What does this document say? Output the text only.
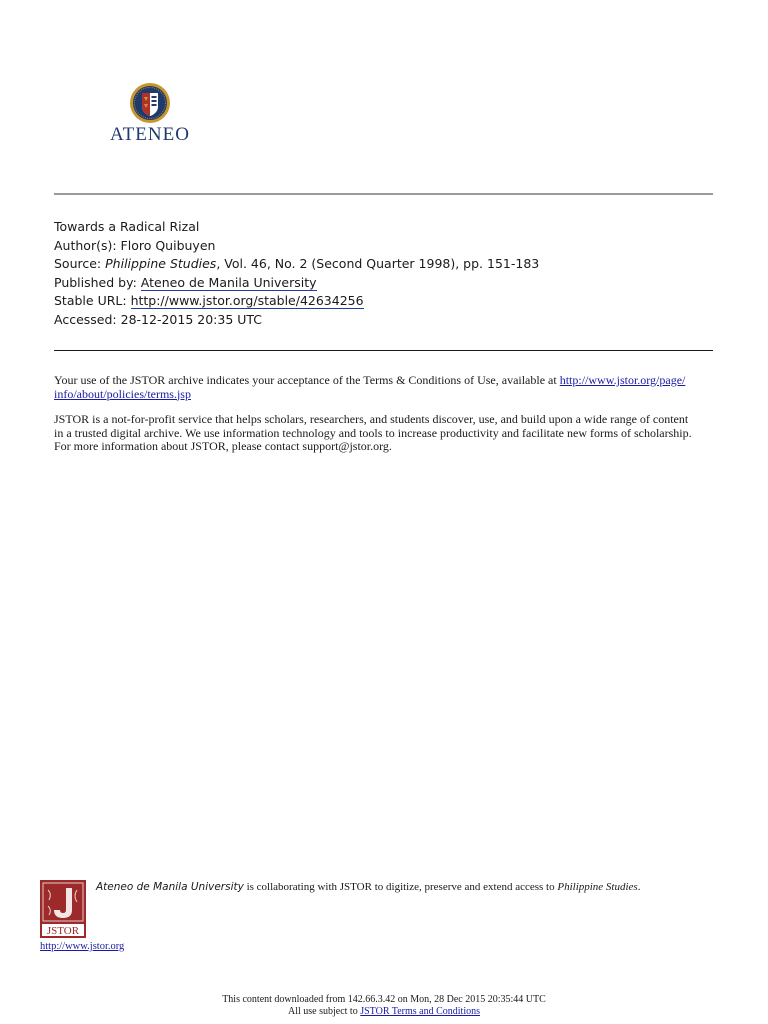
ATENEO
Towards a Radical Rizal
Author(s): Floro Quibuyen
Source: Philippine Studies, Vol. 46, No. 2 (Second Quarter 1998), pp. 151-183
Published by: Ateneo de Manila University
Stable URL: http://www.jstor.org/stable/42634256
Accessed: 28-12-2015 20:35 UTC

Your use of the JSTOR archive indicates your acceptance of the Terms & Conditions of Use, available at http://www.jstor.org/page/
info/about/policies/terms.jsp

JSTOR is a not-for-profit service that helps scholars, researchers, and students discover, use, and build upon a wide range of content
in a trusted digital archive. We use information technology and tools to increase productivity and facilitate new forms of scholarship.
For more information about JSTOR, please contact support@jstor.org.

JSTOR
Ateneo de Manila University is collaborating with JSTOR to digitize, preserve and extend access to Philippine Studies.
http://www.jstor.org
This content downloaded from 142.66.3.42 on Mon, 28 Dec 2015 20:35:44 UTC
All use subject to JSTOR Terms and Conditions
